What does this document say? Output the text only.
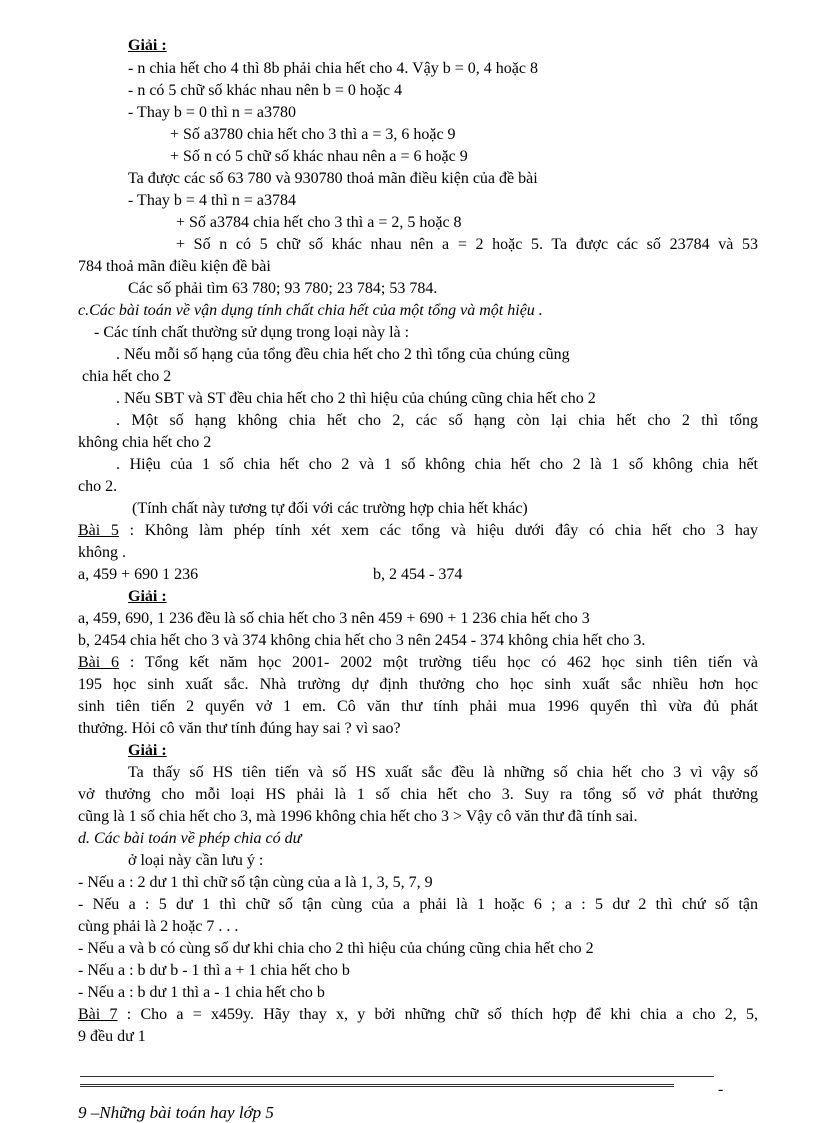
Giải :
- n chia hết cho 4 thì 8b phải chia hết cho 4. Vậy b = 0, 4 hoặc 8
- n có 5 chữ số khác nhau nên b = 0 hoặc 4
- Thay b = 0 thì n = a3780
+ Số a3780 chia hết cho 3 thì a = 3, 6 hoặc 9
+ Số n có 5 chữ số khác nhau nên a = 6 hoặc 9
Ta được các số 63 780 và 930780 thoả mãn điều kiện của đề bài
- Thay b = 4 thì n = a3784
+ Số a3784 chia hết cho 3 thì a = 2, 5 hoặc 8
+ Số n có 5 chữ số khác nhau nên a = 2 hoặc 5. Ta được các số 23784 và 53
784 thoả mãn điều kiện đề bài
Các số phải tìm 63 780; 93 780; 23 784; 53 784.
c.Các bài toán về vận dụng tính chất chia hết của một tổng và một hiệu .
- Các tính chất thường sử dụng trong loại này là :
. Nếu mỗi số hạng của tổng đều chia hết cho 2 thì tổng của chúng cũng
chia hết cho 2
. Nếu SBT và ST đều chia hết cho 2 thì hiệu của chúng cũng chia hết cho 2
. Một số hạng không chia hết cho 2, các số hạng còn lại chia hết cho 2 thì tổng
không chia hết cho 2
. Hiệu của 1 số chia hết cho 2 và 1 số không chia hết cho 2 là 1 số không chia hết
cho 2.
(Tính chất này tương tự đối với các trường hợp chia hết khác)
Bài 5 : Không làm phép tính xét xem các tổng và hiệu dưới đây có chia hết cho 3 hay
không .
a, 459 + 690 1 236	b, 2 454 - 374
Giải :
a, 459, 690, 1 236 đều là số chia hết cho 3 nên 459 + 690 + 1 236 chia hết cho 3
b, 2454 chia hết cho 3 và 374 không chia hết cho 3 nên 2454 - 374 không chia hết cho 3.
Bài 6 : Tổng kết năm học 2001- 2002 một trường tiểu học có 462 học sinh tiên tiến và
195 học sinh xuất sắc. Nhà trường dự định thưởng cho học sinh xuất sắc nhiều hơn học
sinh tiên tiến 2 quyển vở 1 em. Cô văn thư tính phải mua 1996 quyển thì vừa đủ phát
thưởng. Hỏi cô văn thư tính đúng hay sai ? vì sao?
Giải :
Ta thấy số HS tiên tiến và số HS xuất sắc đều là những số chia hết cho 3 vì vậy số
vở thưởng cho mỗi loại HS phải là 1 số chia hết cho 3. Suy ra tổng số vở phát thưởng
cũng là 1 số chia hết cho 3, mà 1996 không chia hết cho 3 > Vậy cô văn thư đã tính sai.
d. Các bài toán về phép chia có dư
ở loại này cần lưu ý :
- Nếu a : 2 dư 1 thì chữ số tận cùng của a là 1, 3, 5, 7, 9
- Nếu a : 5 dư 1 thì chữ số tận cùng của a phải là 1 hoặc 6 ; a : 5 dư 2 thì chứ số tận
cùng phải là 2 hoặc 7 . . .
- Nếu a và b có cùng số dư khi chia cho 2 thì hiệu của chúng cũng chia hết cho 2
- Nếu a : b dư b - 1 thì a + 1 chia hết cho b
- Nếu a : b dư 1 thì a - 1 chia hết cho b
Bài 7 : Cho a = x459y. Hãy thay x, y bởi những chữ số thích hợp để khi chia a cho 2, 5,
9 đều dư 1
-
9 –Những bài toán hay lớp 5
